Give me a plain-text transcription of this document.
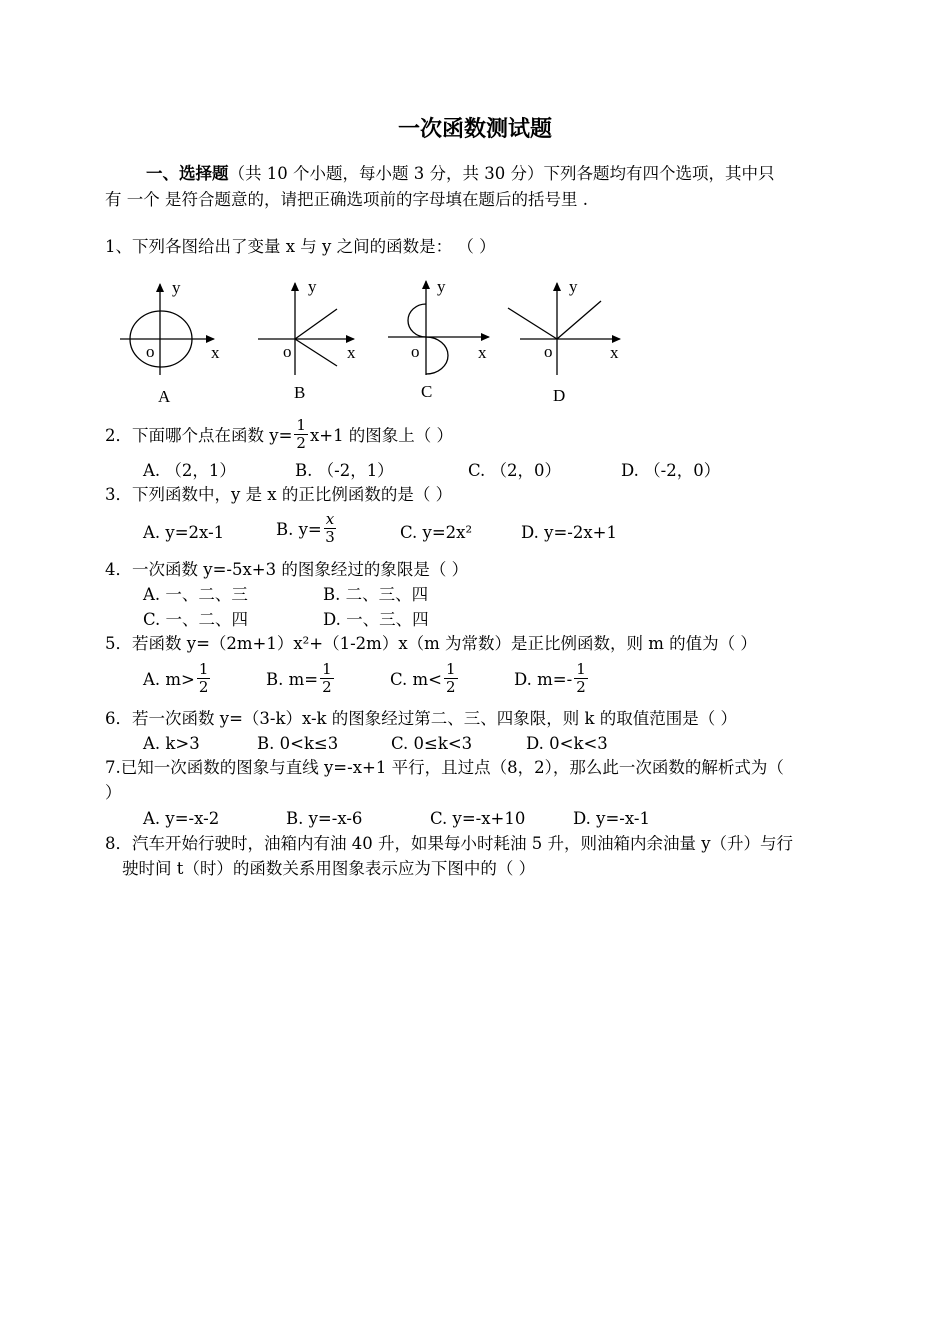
一次函数测试题
一、选择题（共 10 个小题，每小题 3 分，共 30 分）下列各题均有四个选项，其中只
有 一个 是符合题意的，请把正确选项前的字母填在题后的括号里 .
1、下列各图给出了变量 x 与 y 之间的函数是： （ ）
y
o	x
A
y
o	x
B
y
o	x
C
y
o	x
D
2．下面哪个点在函数 $y= \frac{1}{2} x+1$ 的图象上（ ）
A. （2，1）	B. （-2，1）	C. （2，0）	D. （-2，0）
3．下列函数中，y 是 x 的正比例函数的是（ ）
A. y=2x-1	B. $y= \frac{x}{3}$	C. y=2x²	D. y=-2x+1
4．一次函数 y=-5x+3 的图象经过的象限是（ ）
A. 一、二、三	B. 二、三、四
C. 一、二、四	D. 一、三、四
5．若函数 y=（2m+1）x²+（1-2m）x（m 为常数）是正比例函数，则 m 的值为（ ）
A. $m> \frac{1}{2}$	B. $m= \frac{1}{2}$	C. $m< \frac{1}{2}$	D. $m=- \frac{1}{2}$
6．若一次函数 y=（3-k）x-k 的图象经过第二、三、四象限，则 k 的取值范围是（ ）
A. k>3	B. 0<k≤3	C. 0≤k<3	D. 0<k<3
7.已知一次函数的图象与直线 y=-x+1 平行，且过点（8，2），那么此一次函数的解析式为（
）
A. y=-x-2	B. y=-x-6	C. y=-x+10	D. y=-x-1
8．汽车开始行驶时，油箱内有油 40 升，如果每小时耗油 5 升，则油箱内余油量 y（升）与行
驶时间 t（时）的函数关系用图象表示应为下图中的（ ）
